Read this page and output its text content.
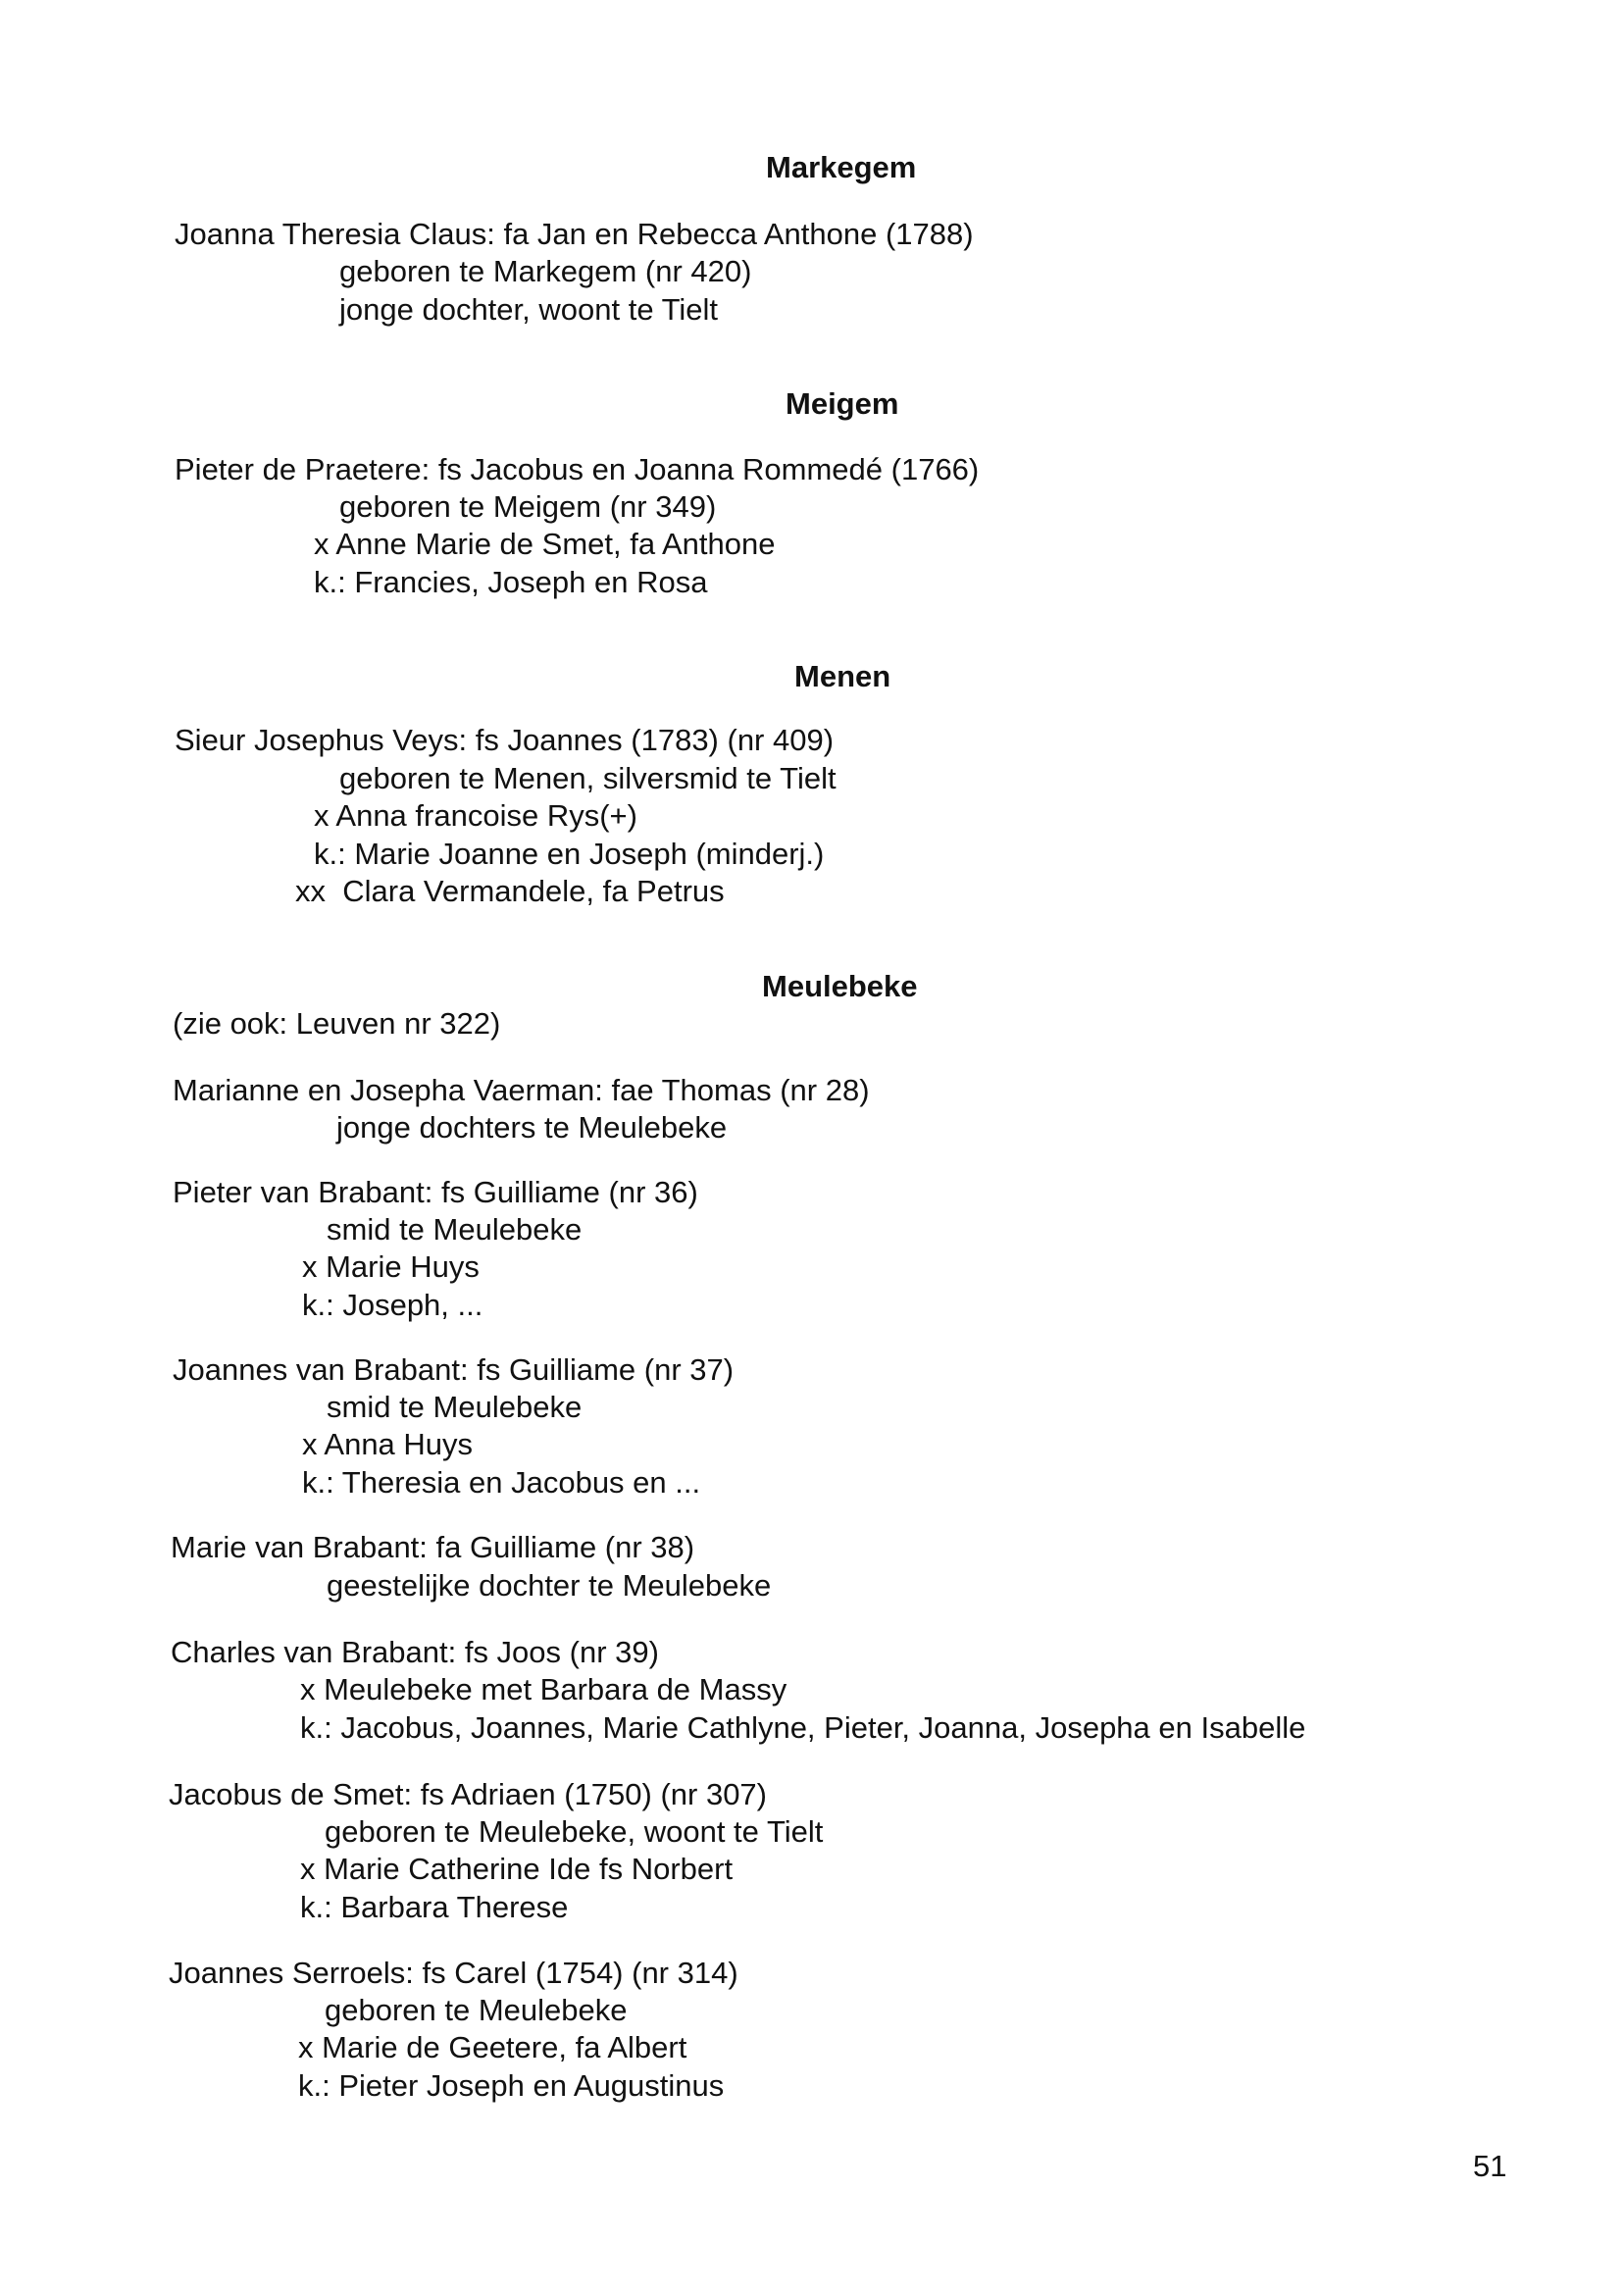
Markegem
Joanna Theresia Claus: fa Jan en Rebecca Anthone (1788)
geboren te Markegem (nr 420)
jonge dochter, woont te Tielt
Meigem
Pieter de Praetere: fs Jacobus en Joanna Rommedé (1766)
geboren te Meigem (nr 349)
x Anne Marie de Smet, fa Anthone
k.: Francies, Joseph en Rosa
Menen
Sieur Josephus Veys: fs Joannes (1783) (nr 409)
geboren te Menen, silversmid te Tielt
x Anna francoise Rys(+)
k.: Marie Joanne en Joseph (minderj.)
xx  Clara Vermandele, fa Petrus
Meulebeke
(zie ook: Leuven nr 322)
Marianne en Josepha Vaerman: fae Thomas (nr 28)
jonge dochters te Meulebeke
Pieter van Brabant: fs Guilliame (nr 36)
smid te Meulebeke
x Marie Huys
k.: Joseph, ...
Joannes van Brabant: fs Guilliame (nr 37)
smid te Meulebeke
x Anna Huys
k.: Theresia en Jacobus en ...
Marie van Brabant: fa Guilliame (nr 38)
geestelijke dochter te Meulebeke
Charles van Brabant: fs Joos (nr 39)
x Meulebeke met Barbara de Massy
k.: Jacobus, Joannes, Marie Cathlyne, Pieter, Joanna, Josepha en Isabelle
Jacobus de Smet: fs Adriaen (1750) (nr 307)
geboren te Meulebeke, woont te Tielt
x Marie Catherine Ide fs Norbert
k.: Barbara Therese
Joannes Serroels: fs Carel (1754) (nr 314)
geboren te Meulebeke
x Marie de Geetere, fa Albert
k.: Pieter Joseph en Augustinus
51
